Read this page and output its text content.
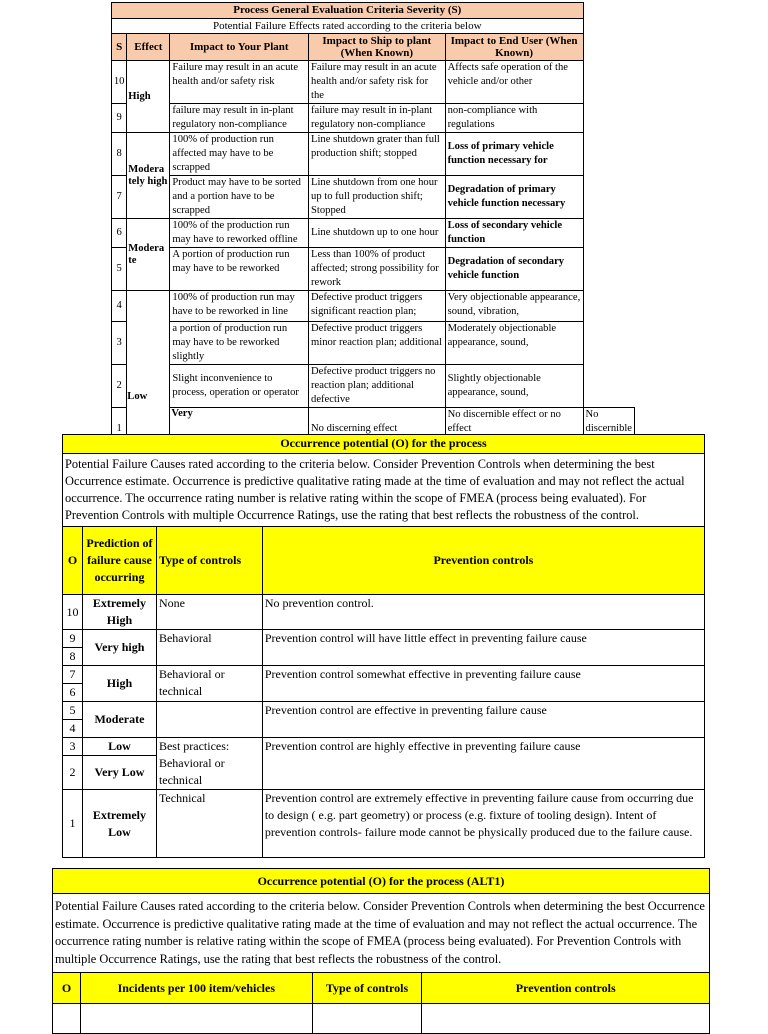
Process General Evaluation Criteria Severity (S)					
Potential Failure Effects rated according to the criteria below					
S	Effect	Impact to Your Plant	Impact to Ship to plant (When Known)	Impact to End User (When Known)	
10	High	Failure may result in an acute health and/or safety risk	Failure may result in an acute health and/or safety risk for the	Affects safe operation of the vehicle and/or other	
9		failure may result in in-plant regulatory non-compliance	failure may result in in-plant regulatory non-compliance	non-compliance with regulations	
8	Modera tely high	100% of production run affected may have to be scrapped	Line shutdown grater than full production shift; stopped	Loss of primary vehicle function necessary for	
7		Product may have to be sorted and a portion have to be scrapped	Line shutdown from one hour up to full production shift; Stopped	Degradation of primary vehicle function necessary	
6	Modera te	100% of the production run may have to reworked offline	Line shutdown up to one hour	Loss of secondary vehicle function	
5		A portion of production run may have to be reworked	Less than 100% of product affected; strong possibility for rework	Degradation of secondary vehicle function	
4	Low	100% of production run may have to be reworked in line	Defective product triggers significant reaction plan;	Very objectionable appearance, sound, vibration,	
3		a portion of production run may have to be reworked slightly	Defective product triggers minor reaction plan; additional	Moderately objectionable appearance, sound,	
2		Slight inconvenience to process, operation or operator	Defective product triggers no reaction plan; additional defective	Slightly objectionable appearance, sound,	
1		Very	No discerning effect	No discernible effect or no effect	No discernible
Occurrence potential (O) for the process			
Potential Failure Causes rated according to the criteria below. Consider Prevention Controls when determining the best Occurrence estimate. Occurrence is predictive qualitative rating made at the time of evaluation and may not reflect the actual occurrence. The occurrence rating number is relative rating within the scope of FMEA (process being evaluated). For Prevention Controls with multiple Occurrence Ratings, use the rating that best reflects the robustness of the control.			
O	Prediction of failure cause occurring	Type of controls	Prevention controls
10	Extremely High	None	No prevention control.
9	Very high	Behavioral	Prevention control will have little effect in preventing failure cause
8			
7	High	Behavioral or technical	Prevention control somewhat effective in preventing failure cause
6			
5	Moderate		Prevention control are effective in preventing failure cause
4			
3	Low	Best practices: Behavioral or technical	Prevention control are highly effective in preventing failure cause
2	Very Low		
1	Extremely Low	Technical	Prevention control are extremely effective in preventing failure cause from occurring due to design ( e.g. part geometry) or process (e.g. fixture of tooling design). Intent of prevention controls- failure mode cannot be physically produced due to the failure cause.
Occurrence potential (O) for the process (ALT1)			
Potential Failure Causes rated according to the criteria below. Consider Prevention Controls when determining the best Occurrence estimate. Occurrence is predictive qualitative rating made at the time of evaluation and may not reflect the actual occurrence. The occurrence rating number is relative rating within the scope of FMEA (process being evaluated). For Prevention Controls with multiple Occurrence Ratings, use the rating that best reflects the robustness of the control.			
O	Incidents per 100 item/vehicles	Type of controls	Prevention controls
